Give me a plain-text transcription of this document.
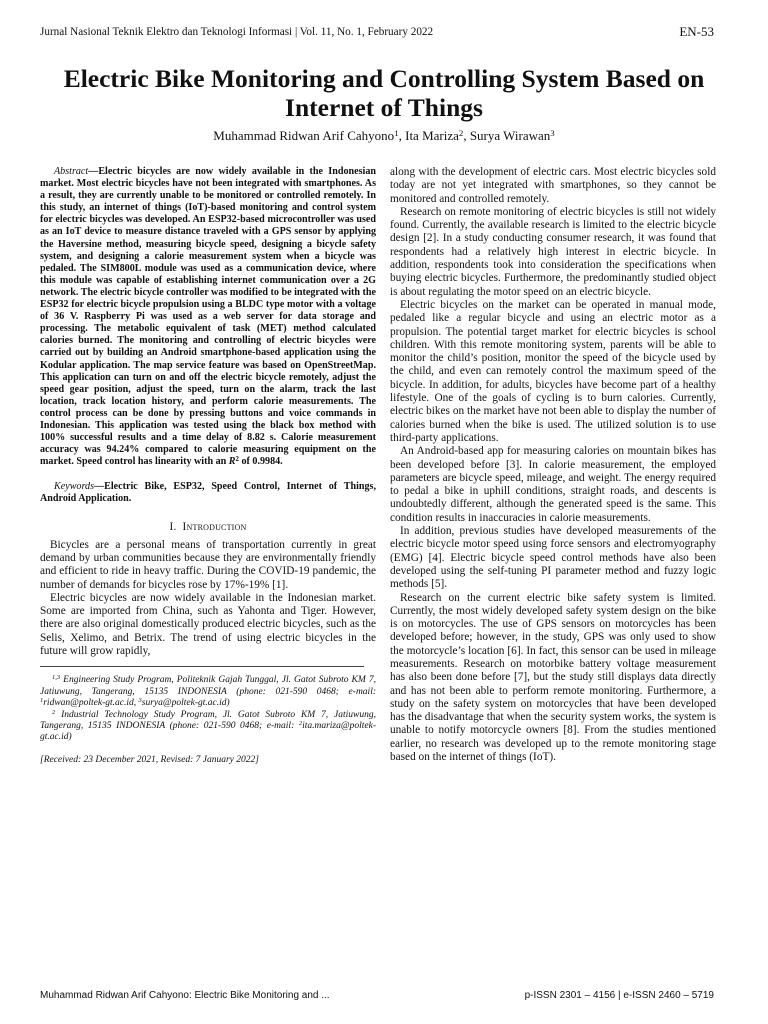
Jurnal Nasional Teknik Elektro dan Teknologi Informasi | Vol. 11, No. 1, February 2022	EN-53
Electric Bike Monitoring and Controlling System Based on Internet of Things
Muhammad Ridwan Arif Cahyono$^1$, Ita Mariza$^2$, Surya Wirawan$^3$

Abstract—Electric bicycles are now widely available in the Indonesian market. Most electric bicycles have not been integrated with smartphones. As a result, they are currently unable to be monitored or controlled remotely. In this study, an internet of things (IoT)-based monitoring and control system for electric bicycles was developed. An ESP32-based microcontroller was used as an IoT device to measure distance traveled with a GPS sensor by applying the Haversine method, measuring bicycle speed, designing a bicycle safety system, and designing a calorie measurement system when a bicycle was pedaled. The SIM800L module was used as a communication device, where this module was capable of establishing internet communication over a 2G network. The electric bicycle controller was modified to be integrated with the ESP32 for electric bicycle propulsion using a BLDC type motor with a voltage of 36 V. Raspberry Pi was used as a web server for data storage and processing. The metabolic equivalent of task (MET) method calculated calories burned. The monitoring and controlling of electric bicycles were carried out by building an Android smartphone-based application using the Kodular application. The map service feature was based on OpenStreetMap. This application can turn on and off the electric bicycle remotely, adjust the speed gear position, adjust the speed, turn on the alarm, track the last location, track location history, and perform calorie measurements. The control process can be done by pressing buttons and voice commands in Indonesian. This application was tested using the black box method with 100% successful results and a time delay of 8.82 s. Calorie measurement accuracy was 94.24% compared to calorie measuring equipment on the market. Speed control has linearity with an $R^2$ of 0.9984.

Keywords—Electric Bike, ESP32, Speed Control, Internet of Things, Android Application.

I. Introduction

Bicycles are a personal means of transportation currently in great demand by urban communities because they are environmentally friendly and efficient to ride in heavy traffic. During the COVID-19 pandemic, the number of demands for bicycles rose by 17%-19% [1].

Electric bicycles are now widely available in the Indonesian market. Some are imported from China, such as Yahonta and Tiger. However, there are also original domestically produced electric bicycles, such as the Selis, Xelimo, and Betrix. The trend of using electric bicycles in the future will grow rapidly,

$^{1,3}$ Engineering Study Program, Politeknik Gajah Tunggal, Jl. Gatot Subroto KM 7, Jatiuwung, Tangerang, 15135 INDONESIA (phone: 021-590 0468; e-mail: $^1$ridwan@poltek-gt.ac.id, $^3$surya@poltek-gt.ac.id)

$^2$ Industrial Technology Study Program, Jl. Gatot Subroto KM 7, Jatiuwung, Tangerang, 15135 INDONESIA (phone: 021-590 0468; e-mail: $^2$ita.mariza@poltek-gt.ac.id)

[Received: 23 December 2021, Revised: 7 January 2022]

along with the development of electric cars. Most electric bicycles sold today are not yet integrated with smartphones, so they cannot be monitored and controlled remotely.

Research on remote monitoring of electric bicycles is still not widely found. Currently, the available research is limited to the electric bicycle design [2]. In a study conducting consumer research, it was found that respondents had a relatively high interest in electric bicycle. In addition, respondents took into consideration the specifications when buying electric bicycles. Furthermore, the predominantly studied object is about regulating the motor speed on an electric bicycle.

Electric bicycles on the market can be operated in manual mode, pedaled like a regular bicycle and using an electric motor as a propulsion. The potential target market for electric bicycles is school children. With this remote monitoring system, parents will be able to monitor the child’s position, monitor the speed of the bicycle used by the child, and even can remotely control the maximum speed of the bicycle. In addition, for adults, bicycles have become part of a healthy lifestyle. One of the goals of cycling is to burn calories. Currently, electric bikes on the market have not been able to display the number of calories burned when the bike is used. The utilized solution is to use third-party applications.

An Android-based app for measuring calories on mountain bikes has been developed before [3]. In calorie measurement, the employed parameters are bicycle speed, mileage, and weight. The energy required to pedal a bike in uphill conditions, straight roads, and descents is undoubtedly different, although the generated speed is the same. This condition results in inaccuracies in calorie measurements.

In addition, previous studies have developed measurements of the electric bicycle motor speed using force sensors and electromyography (EMG) [4]. Electric bicycle speed control methods have also been developed using the self-tuning PI parameter method and fuzzy logic methods [5].

Research on the current electric bike safety system is limited. Currently, the most widely developed safety system design on the bike is on motorcycles. The use of GPS sensors on motorcycles has been developed before; however, in the study, GPS was only used to show the motorcycle’s location [6]. In fact, this sensor can be used in mileage measurements. Research on motorbike battery voltage measurement has also been done before [7], but the study still displays data directly and has not been able to perform remote monitoring. Furthermore, a study on the safety system on motorcycles that have been developed has the disadvantage that when the security system works, the system is unable to notify motorcycle owners [8]. From the studies mentioned earlier, no research was developed up to the remote monitoring stage based on the internet of things (IoT).

Muhammad Ridwan Arif Cahyono: Electric Bike Monitoring and ...	p-ISSN 2301 – 4156 | e-ISSN 2460 – 5719
